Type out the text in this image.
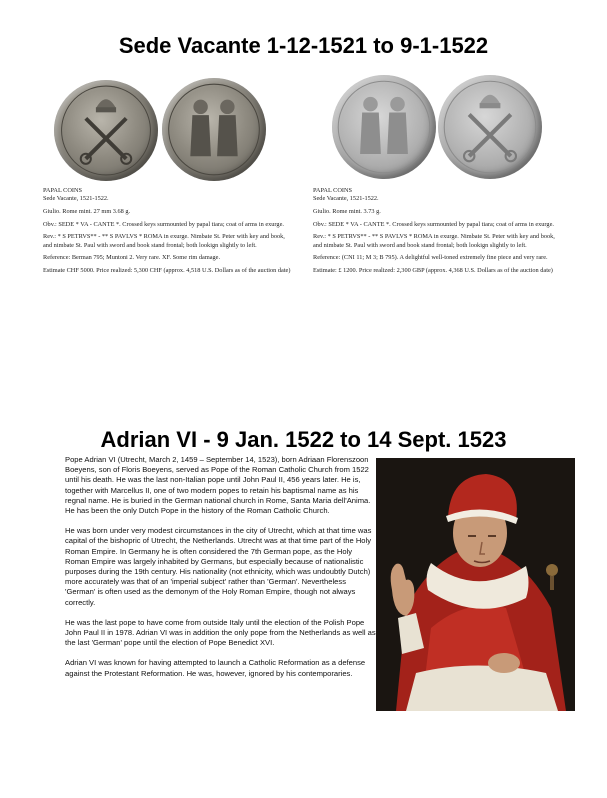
Sede Vacante 1-12-1521 to 9-1-1522
PAPAL COINS

Sede Vacante, 1521-1522.

Giulio. Rome mint. 27 mm 3.68 g.

Obv.: SEDE * VA - CANTE *. Crossed keys surmounted by papal tiara; coat of arms in exurge.

Rev.: * S PETRVS** - ** S PAVLVS * ROMA in exurge. Nimbate St. Peter with key and book, and nimbate St. Paul with sword and book stand frontal; both lookign slightly to left.

Reference: Berman 795; Muntoni 2. Very rare. XF. Some rim damage.

Estimate CHF 5000. Price realized: 5,300 CHF (approx. 4,518 U.S. Dollars as of the auction date)

PAPAL COINS

Sede Vacante, 1521-1522.

Giulio. Rome mint. 3.73 g.

Obv.: SEDE * VA - CANTE *. Crossed keys surmounted by papal tiara; coat of arms in exurge.

Rev.: * S PETRVS** - ** S PAVLVS * ROMA in exurge. Nimbate St. Peter with key and book, and nimbate St. Paul with sword and book stand frontal; both lookign slightly to left.

Reference: (CNI 11; M 3; B 795). A delightful well-toned extremely fine piece and very rare.

Estimate: £ 1200. Price realized: 2,300 GBP (approx. 4,368 U.S. Dollars as of the auction date)

Adrian VI - 9 Jan. 1522 to 14 Sept. 1523

Pope Adrian VI (Utrecht, March 2, 1459 – September 14, 1523), born Adriaan Florenszoon Boeyens, son of Floris Boeyens, served as Pope of the Roman Catholic Church from 1522 until his death. He was the last non-Italian pope until John Paul II, 456 years later. He is, together with Marcellus II, one of two modern popes to retain his baptismal name as his regnal name. He is buried in the German national church in Rome, Santa Maria dell'Anima. He has been the only Dutch Pope in the history of the Roman Catholic Church.

He was born under very modest circumstances in the city of Utrecht, which at that time was capital of the bishopric of Utrecht, the Netherlands. Utrecht was at that time part of the Holy Roman Empire. In Germany he is often considered the 7th German pope, as the Holy Roman Empire was largely inhabited by Germans, but especially because of nationalistic purposes during the 19th century. His nationality (not ethnicity, which was undoubtly Dutch) more accurately was that of an 'imperial subject' rather than 'German'. Nevertheless 'German' is often used as the demonym of the Holy Roman Empire, though not always correctly.

He was the last pope to have come from outside Italy until the election of the Polish Pope John Paul II in 1978. Adrian VI was in addition the only pope from the Netherlands as well as the last 'German' pope until the election of Pope Benedict XVI.

Adrian VI was known for having attempted to launch a Catholic Reformation as a defense against the Protestant Reformation. He was, however, ignored by his contemporaries.
